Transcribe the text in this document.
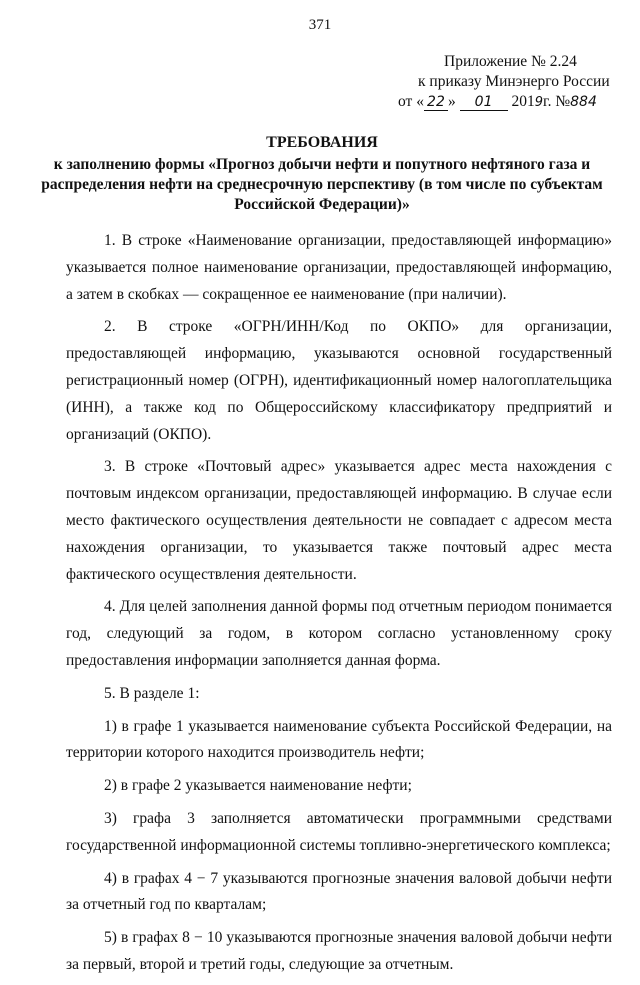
371
Приложение № 2.24
к приказу Минэнерго России
от « 22 » 01 2019г. №884
ТРЕБОВАНИЯ
к заполнению формы «Прогноз добычи нефти и попутного нефтяного газа и
распределения нефти на среднесрочную перспективу (в том числе по субъектам
Российской Федерации)»

1. В строке «Наименование организации, предоставляющей информацию» указывается полное наименование организации, предоставляющей информацию, а затем в скобках — сокращенное ее наименование (при наличии).

2. В строке «ОГРН/ИНН/Код по ОКПО» для организации, предоставляющей информацию, указываются основной государственный регистрационный номер (ОГРН), идентификационный номер налогоплательщика (ИНН), а также код по Общероссийскому классификатору предприятий и организаций (ОКПО).

3. В строке «Почтовый адрес» указывается адрес места нахождения с почтовым индексом организации, предоставляющей информацию. В случае если место фактического осуществления деятельности не совпадает с адресом места нахождения организации, то указывается также почтовый адрес места фактического осуществления деятельности.

4. Для целей заполнения данной формы под отчетным периодом понимается год, следующий за годом, в котором согласно установленному сроку предоставления информации заполняется данная форма.

5. В разделе 1:

1) в графе 1 указывается наименование субъекта Российской Федерации, на территории которого находится производитель нефти;

2) в графе 2 указывается наименование нефти;

3) графа 3 заполняется автоматически программными средствами государственной информационной системы топливно-энергетического комплекса;

4) в графах 4 − 7 указываются прогнозные значения валовой добычи нефти за отчетный год по кварталам;

5) в графах 8 − 10 указываются прогнозные значения валовой добычи нефти за первый, второй и третий годы, следующие за отчетным.
